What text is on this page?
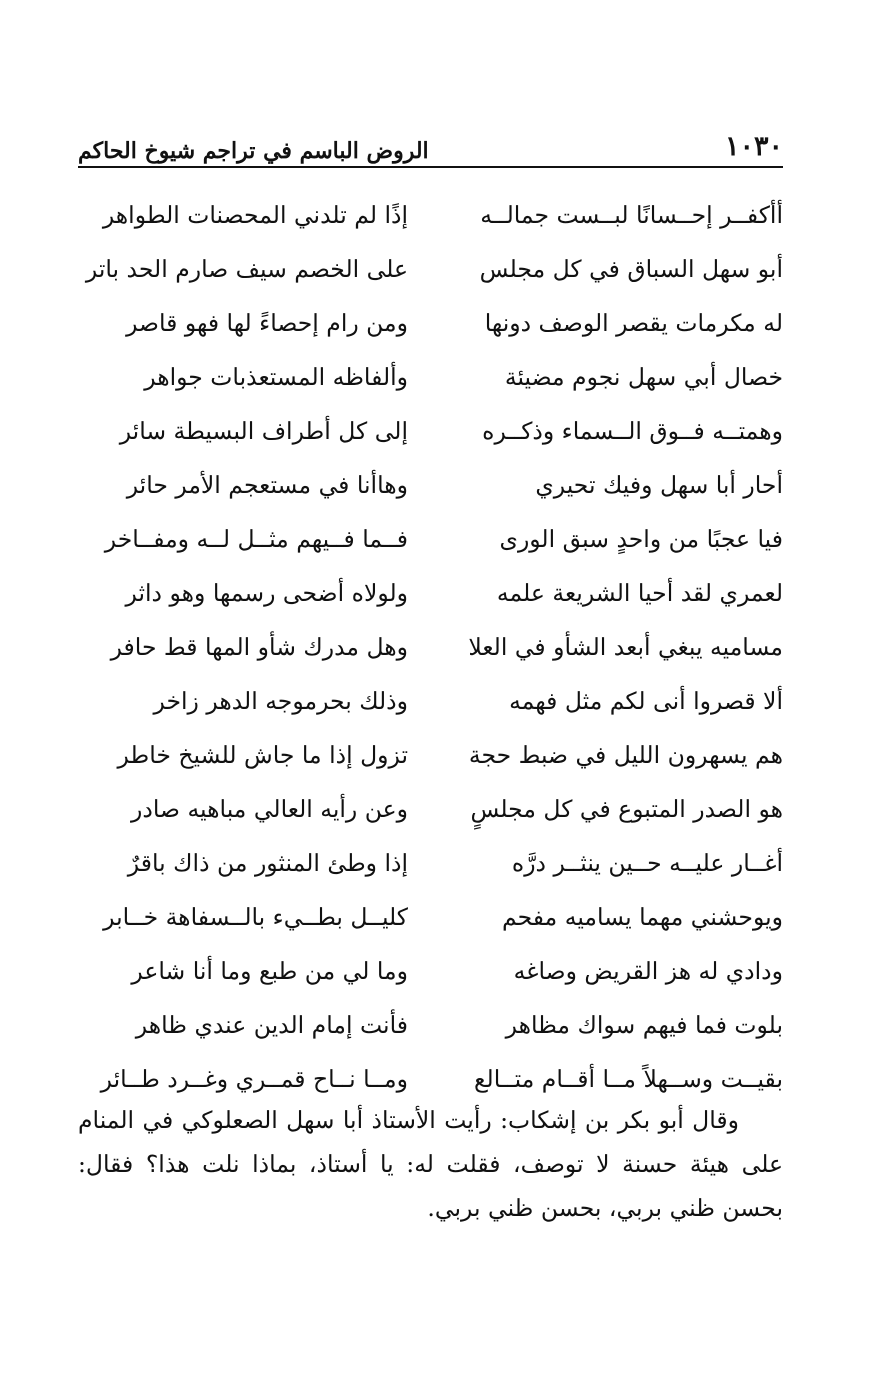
١٠٣٠
الروض الباسم في تراجم شيوخ الحاكم
أأكفــر إحــسانًا لبــست جمالــه
إذًا لم تلدني المحصنات الطواهر
أبو سهل السباق في كل مجلس
على الخصم سيف صارم الحد باتر
له مكرمات يقصر الوصف دونها
ومن رام إحصاءً لها فهو قاصر
خصال أبي سهل نجوم مضيئة
وألفاظه المستعذبات جواهر
وهمتــه فــوق الــسماء وذكــره
إلى كل أطراف البسيطة سائر
أحار أبا سهل وفيك تحيري
وهاأنا في مستعجم الأمر حائر
فيا عجبًا من واحدٍ سبق الورى
فــما فــيهم مثــل لــه ومفــاخر
لعمري لقد أحيا الشريعة علمه
ولولاه أضحى رسمها وهو داثر
مساميه يبغي أبعد الشأو في العلا
وهل مدرك شأو المها قط حافر
ألا قصروا أنى لكم مثل فهمه
وذلك بحرموجه الدهر زاخر
هم يسهرون الليل في ضبط حجة
تزول إذا ما جاش للشيخ خاطر
هو الصدر المتبوع في كل مجلسٍ
وعن رأيه العالي مباهيه صادر
أغــار عليــه حــين ينثــر درَّه
إذا وطئ المنثور من ذاك باقرٌ
ويوحشني مهما يساميه مفحم
كليــل بطــيء بالــسفاهة خــابر
ودادي له هز القريض وصاغه
وما لي من طبع وما أنا شاعر
بلوت فما فيهم سواك مظاهر
فأنت إمام الدين عندي ظاهر
بقيــت وســهلاً مــا أقــام متــالع
ومــا نــاح قمــري وغــرد طــائر

وقال أبو بكر بن إشكاب: رأيت الأستاذ أبا سهل الصعلوكي في المنام على هيئة حسنة لا توصف، فقلت له: يا أستاذ، بماذا نلت هذا؟ فقال: بحسن ظني بربي، بحسن ظني بربي.
